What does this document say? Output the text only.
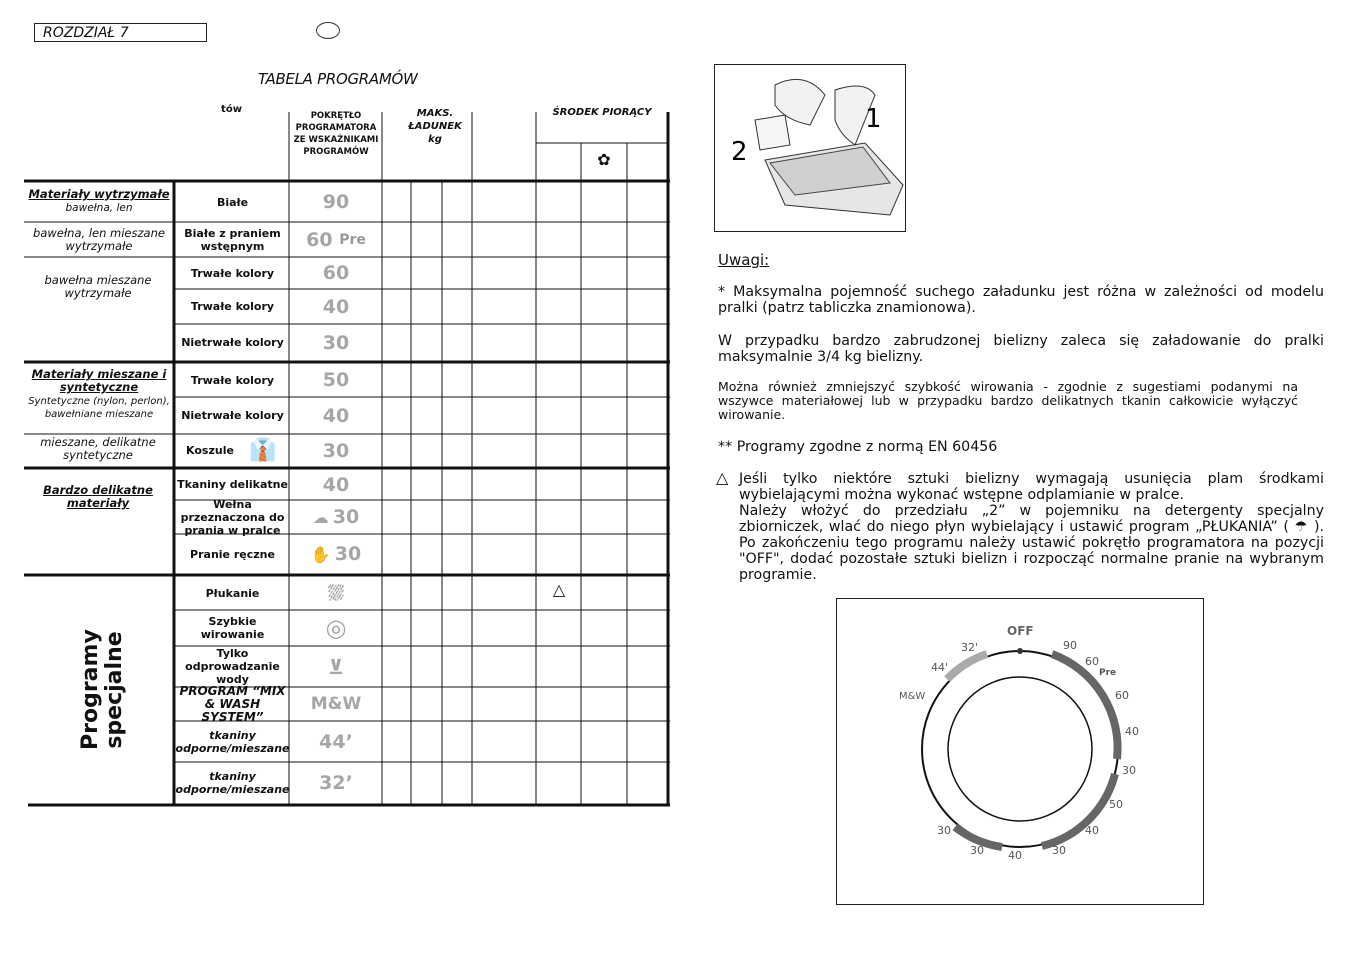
ROZDZIAŁ 7
TABELA PROGRAMÓW
tów
POKRĘTŁO PROGRAMATORA ZE WSKAŹNIKAMI PROGRAMÓW
MAKS. ŁADUNEK kg
ŚRODEK PIORĄCY
✿
Materiały wytrzymałe
bawełna, len
bawełna, len mieszane wytrzymałe
bawełna mieszane wytrzymałe
Materiały mieszane i syntetyczne
Syntetyczne (nylon, perlon), bawełniane mieszane
mieszane, delikatne syntetyczne
Bardzo delikatne materiały
Białe
Białe z praniem wstępnym
Trwałe kolory
Trwałe kolory
Nietrwałe kolory
Trwałe kolory
Nietrwałe kolory
Koszule 👔
Tkaniny delikatne
Wełna przeznaczona do prania w pralce
Pranie ręczne
Płukanie
Szybkie wirowanie
Tylko odprowadzanie wody
PROGRAM “MIX & WASH SYSTEM”
tkaniny odporne/mieszane
tkaniny odporne/mieszane
90
60
Pre
60
40
30
50
40
30
40
☁ 30
✋ 30
⛆
◎
⊻
M&W
44’
32’
△
Programy specjalne
1
2
Uwagi:
* Maksymalna pojemność suchego załadunku jest różna w zależności od modelu pralki (patrz tabliczka znamionowa).
W przypadku bardzo zabrudzonej bielizny zaleca się załadowanie do pralki maksymalnie 3/4 kg bielizny.
Można również zmniejszyć szybkość wirowania - zgodnie z sugestiami podanymi na wszywce materiałowej lub w przypadku bardzo delikatnych tkanin całkowicie wyłączyć wirowanie.
** Programy zgodne z normą EN 60456
△ Jeśli tylko niektóre sztuki bielizny wymagają usunięcia plam środkami wybielającymi można wykonać wstępne odplamianie w pralce.
Należy włożyć do przedziału „2” w pojemniku na detergenty specjalny zbiorniczek, wlać do niego płyn wybielający i ustawić program „PŁUKANIA” ( ☂ ). Po zakończeniu tego programu należy ustawić pokrętło programatora na pozycji "OFF", dodać pozostałe sztuki bielizn i rozpocząć normalne pranie na wybranym programie.
OFF
90
60
Pre
60
40
30
50
40
30
40
30
30
M&W
44'
32'
